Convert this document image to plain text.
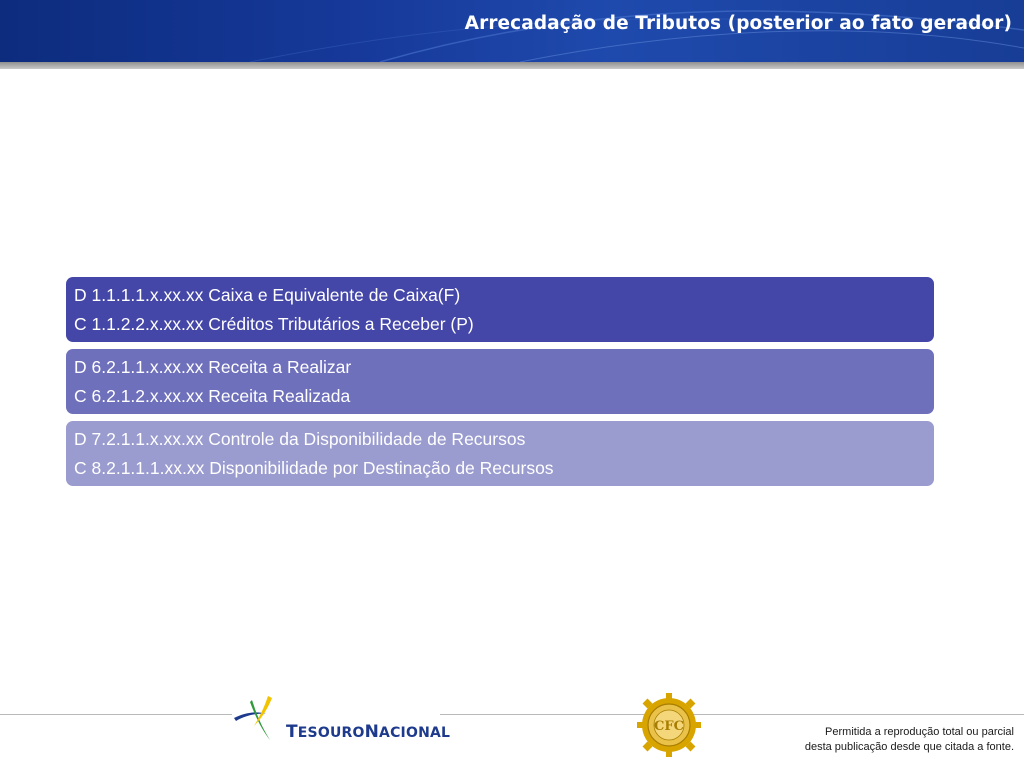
Arrecadação de Tributos (posterior ao fato gerador)
D 1.1.1.1.x.xx.xx Caixa e Equivalente de Caixa(F)
C 1.1.2.2.x.xx.xx Créditos Tributários a Receber (P)
D 6.2.1.1.x.xx.xx Receita a Realizar
C 6.2.1.2.x.xx.xx Receita Realizada
D 7.2.1.1.x.xx.xx Controle da Disponibilidade de Recursos
C 8.2.1.1.1.xx.xx Disponibilidade por Destinação de Recursos
TESOURONACIONAL	CFC	Permitida a reprodução total ou parcial
desta publicação desde que citada a fonte.
